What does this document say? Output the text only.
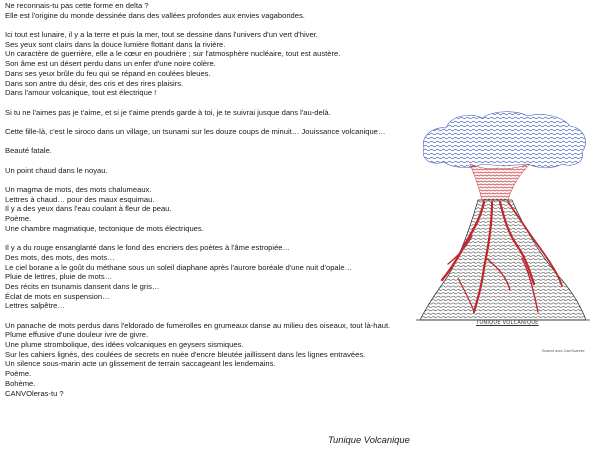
Ne reconnais-tu pas cette forme en delta ?
Elle est l'origine du monde dessinée dans des vallées profondes aux envies vagabondes.
Ici tout est lunaire, il y a la terre et puis la mer, tout se dessine dans l'univers d'un vert d'hiver.
Ses yeux sont clairs dans la douce lumière flottant dans la rivière.
Un caractère de guerrière, elle a le cœur en poudrière ; sur l'atmosphère nucléaire, tout est austère.
Son âme est un désert perdu dans un enfer d'une noire colère.
Dans ses yeux brûle du feu qui se répand en coulées bleues.
Dans son antre du désir, des cris et des rires plaisirs.
Dans l'amour volcanique, tout est électrique !
Si tu ne l'aimes pas je t'aime, et si je t'aime prends garde à toi, je te suivrai jusque dans l'au-delà.
Cette fille-là, c'est le siroco dans un village, un tsunami sur les douze coups de minuit… Jouissance volcanique…
Beauté fatale.
Un point chaud dans le noyau.
Un magma de mots, des mots chalumeaux.
Lettres à chaud… pour des maux esquimau.
Il y a des yeux dans l'eau coulant à fleur de peau.
Poème.
Une chambre magmatique, tectonique de mots électriques.
Il y a du rouge ensanglanté dans le fond des encriers des poètes à l'âme estropiée…
Des mots, des mots, des mots…
Le ciel borane a le goût du méthane sous un soleil diaphane après l'aurore boréale d'une nuit d'opale…
Pluie de lettres, pluie de mots…
Des récits en tsunamis dansent dans le gris…
Éclat de mots en suspension…
Lettres salpêtre…
Un panache de mots perdus dans l'eldorado de fumerolles en grumeaux danse au milieu des oiseaux, tout là-haut.
Plume effusive d'une douleur ivre de givre.
Une plume strombolique, des idées volcaniques en geysers sismiques.
Sur les cahiers lignés, des coulées de secrets en nuée d'encre bleutée jaillissent dans les lignes entravées.
Un silence sous-marin acte un glissement de terrain saccageant les lendemains.
Poème.
Bohème.
CANVOleras-tu ?
Tunique Volcanique
TUNIQUE VOLCANIQUE
Scanné avec CamScanner
